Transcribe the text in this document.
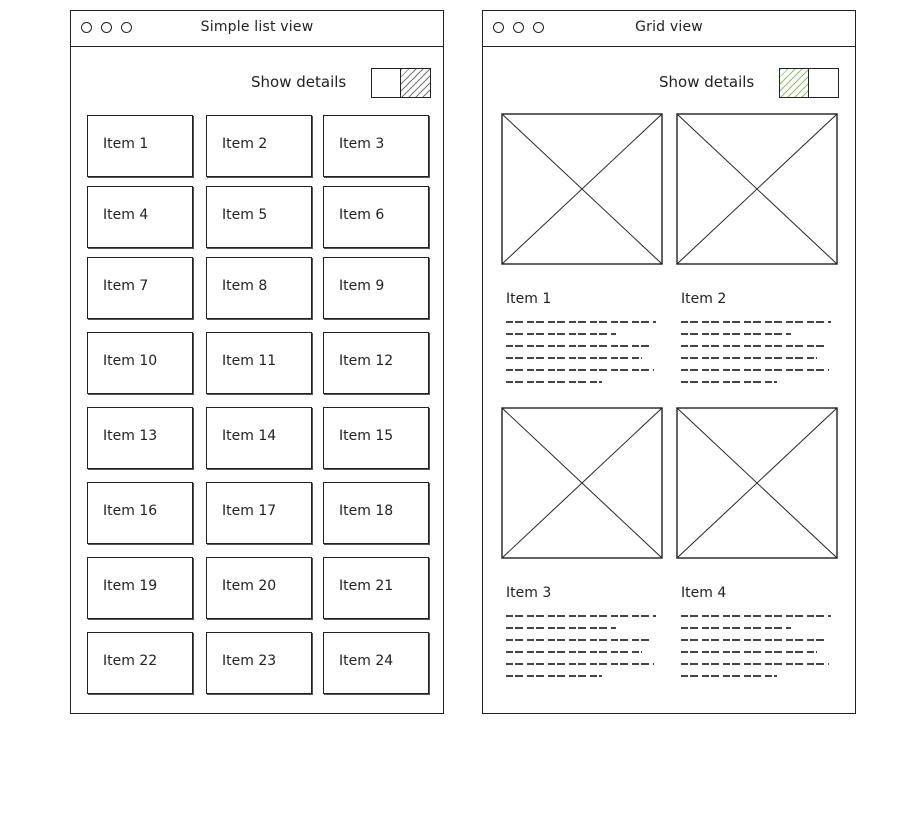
Simple list view
Show details
Item 1	Item 2	Item 3
Item 4	Item 5	Item 6
Item 7	Item 8	Item 9
Item 10	Item 11	Item 12
Item 13	Item 14	Item 15
Item 16	Item 17	Item 18
Item 19	Item 20	Item 21
Item 22	Item 23	Item 24
Grid view
Show details
Item 1	Item 2
Item 3	Item 4
